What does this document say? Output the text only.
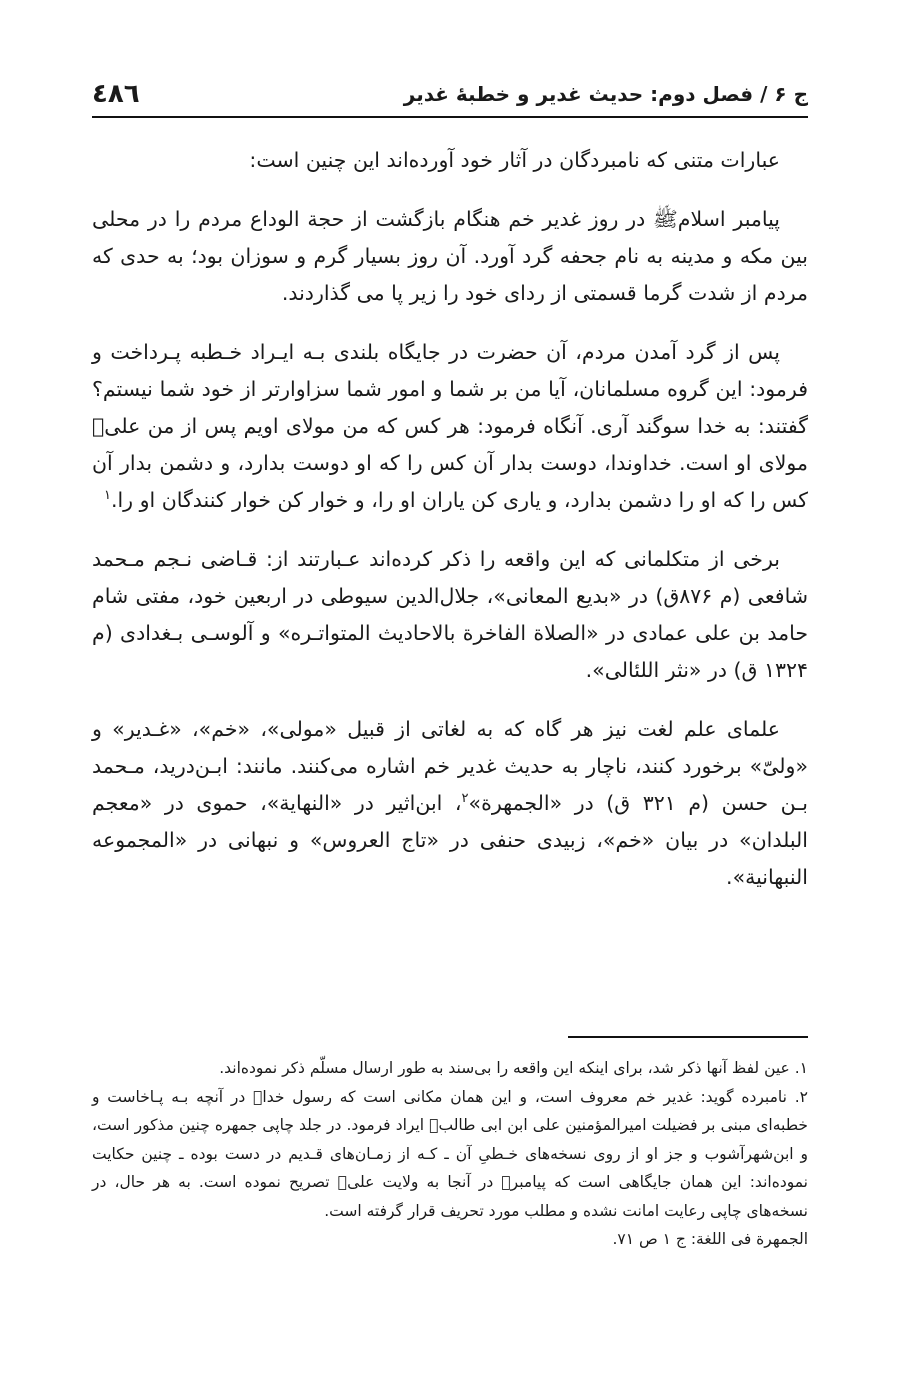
ج ۶ / فصل دوم: حدیث غدیر و خطبهٔ غدیر
٤٨٦

عبارات متنی که نامبردگان در آثار خود آورده‌اند این چنین است:

پیامبر اسلامﷺ در روز غدیر خم هنگام بازگشت از حجة الوداع مردم را در محلی بین مکه و مدینه به نام جحفه گرد آورد. آن روز بسیار گرم و سوزان بود؛ به حدی که مردم از شدت گرما قسمتی از ردای خود را زیر پا می گذاردند.

پس از گرد آمدن مردم، آن حضرت در جایگاه بلندی بـه ایـراد خـطبه پـرداخت و فرمود: این گروه مسلمانان، آیا من بر شما و امور شما سزاوارتر از خود شما نیستم؟ گفتند: به خدا سوگند آری. آنگاه فرمود: هر کس که من مولای اویم پس از من علیؑ مولای او است. خداوندا، دوست بدار آن کس را که او دوست بدارد، و دشمن بدار آن کس را که او را دشمن بدارد، و یاری کن یاران او را، و خوار کن خوار کنندگان او را.$^۱$

برخی از متکلمانی که این واقعه را ذکر کرده‌اند عـبارتند از: قـاضی نـجم مـحمد شافعی (م ۸۷۶ق) در «بدیع المعانی»، جلال‌الدین سیوطی در اربعین خود، مفتی شام حامد بن علی عمادی در «الصلاة الفاخرة بالاحادیث المتواتـره» و آلوسـی بـغدادی (م ۱۳۲۴ ق) در «نثر اللئالی».

علمای علم لغت نیز هر گاه که به لغاتی از قبیل «مولی»، «خم»، «غـدیر» و «ولیّ» برخورد کنند، ناچار به حدیث غدیر خم اشاره می‌کنند. مانند: ابـن‌درید، مـحمد بـن حسن (م ۳۲۱ ق) در «الجمهرة»$^۲$، ابن‌اثیر در «النهایة»، حموی در «معجم البلدان» در بیان «خم»، زبیدی حنفی در «تاج العروس» و نبهانی در «المجموعه النبهانیة».

۱. عین لفظ آنها ذکر شد، برای اینکه این واقعه را بی‌سند به طور ارسال مسلّم ذکر نموده‌اند.

۲. نامبرده گوید: غدیر خم معروف است، و این همان مکانی است که رسول خداﷺ در آنچه بـه پـاخاست و خطبه‌ای مبنی بر فضیلت امیرالمؤمنین علی ابن ابی طالبؑ ایراد فرمود. در جلد چاپی جمهره چنین مذکور است، و ابن‌شهرآشوب و جز او از روی نسخه‌های خـطیِ آن ـ کـه از زمـان‌های قـدیم در دست بوده ـ چنین حکایت نموده‌اند: این همان جایگاهی است که پیامبرﷺ در آنجا به ولایت علیؑ تصریح نموده است. به هر حال، در نسخه‌های چاپی رعایت امانت نشده و مطلب مورد تحریف قرار گرفته است.

الجمهرة فی اللغة: ج ۱ ص ۷۱.
